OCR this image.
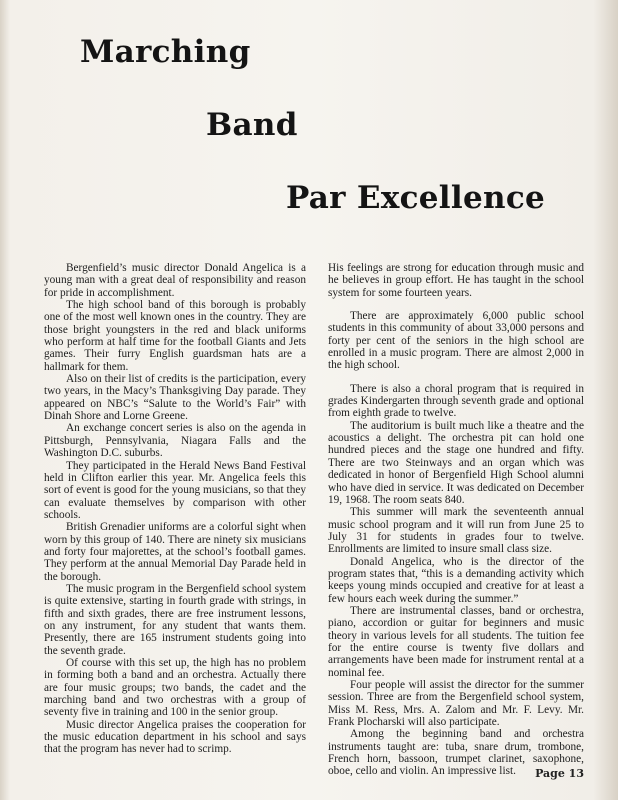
Marching
Band
Par Excellence

Bergenfield’s music director Donald Angelica is a young man with a great deal of responsibility and reason for pride in accomplishment.

The high school band of this borough is probably one of the most well known ones in the country. They are those bright youngsters in the red and black uniforms who perform at half time for the football Giants and Jets games. Their furry English guardsman hats are a hallmark for them.

Also on their list of credits is the participation, every two years, in the Macy’s Thanksgiving Day parade. They appeared on NBC’s “Salute to the World’s Fair” with Dinah Shore and Lorne Greene.

An exchange concert series is also on the agenda in Pittsburgh, Pennsylvania, Niagara Falls and the Washington D.C. suburbs.

They participated in the Herald News Band Festival held in Clifton earlier this year. Mr. Angelica feels this sort of event is good for the young musicians, so that they can evaluate themselves by comparison with other schools.

British Grenadier uniforms are a colorful sight when worn by this group of 140. There are ninety six musicians and forty four majorettes, at the school’s football games. They perform at the annual Memorial Day Parade held in the borough.

The music program in the Bergenfield school system is quite extensive, starting in fourth grade with strings, in fifth and sixth grades, there are free instrument lessons, on any instrument, for any student that wants them. Presently, there are 165 instrument students going into the seventh grade.

Of course with this set up, the high has no problem in forming both a band and an orchestra. Actually there are four music groups; two bands, the cadet and the marching band and two orchestras with a group of seventy five in training and 100 in the senior group.

Music director Angelica praises the cooperation for the music education department in his school and says that the program has never had to scrimp.

His feelings are strong for education through music and he believes in group effort. He has taught in the school system for some fourteen years.

There are approximately 6,000 public school students in this community of about 33,000 persons and forty per cent of the seniors in the high school are enrolled in a music program. There are almost 2,000 in the high school.

There is also a choral program that is required in grades Kindergarten through seventh grade and optional from eighth grade to twelve.

The auditorium is built much like a theatre and the acoustics a delight. The orchestra pit can hold one hundred pieces and the stage one hundred and fifty. There are two Steinways and an organ which was dedicated in honor of Bergenfield High School alumni who have died in service. It was dedicated on December 19, 1968. The room seats 840.

This summer will mark the seventeenth annual music school program and it will run from June 25 to July 31 for students in grades four to twelve. Enrollments are limited to insure small class size.

Donald Angelica, who is the director of the program states that, “this is a demanding activity which keeps young minds occupied and creative for at least a few hours each week during the summer.”

There are instrumental classes, band or orchestra, piano, accordion or guitar for beginners and music theory in various levels for all students. The tuition fee for the entire course is twenty five dollars and arrangements have been made for instrument rental at a nominal fee.

Four people will assist the director for the summer session. Three are from the Bergenfield school system, Miss M. Ress, Mrs. A. Zalom and Mr. F. Levy. Mr. Frank Plocharski will also participate.

Among the beginning band and orchestra instruments taught are: tuba, snare drum, trombone, French horn, bassoon, trumpet clarinet, saxophone, oboe, cello and violin. An impressive list.	Page 13
